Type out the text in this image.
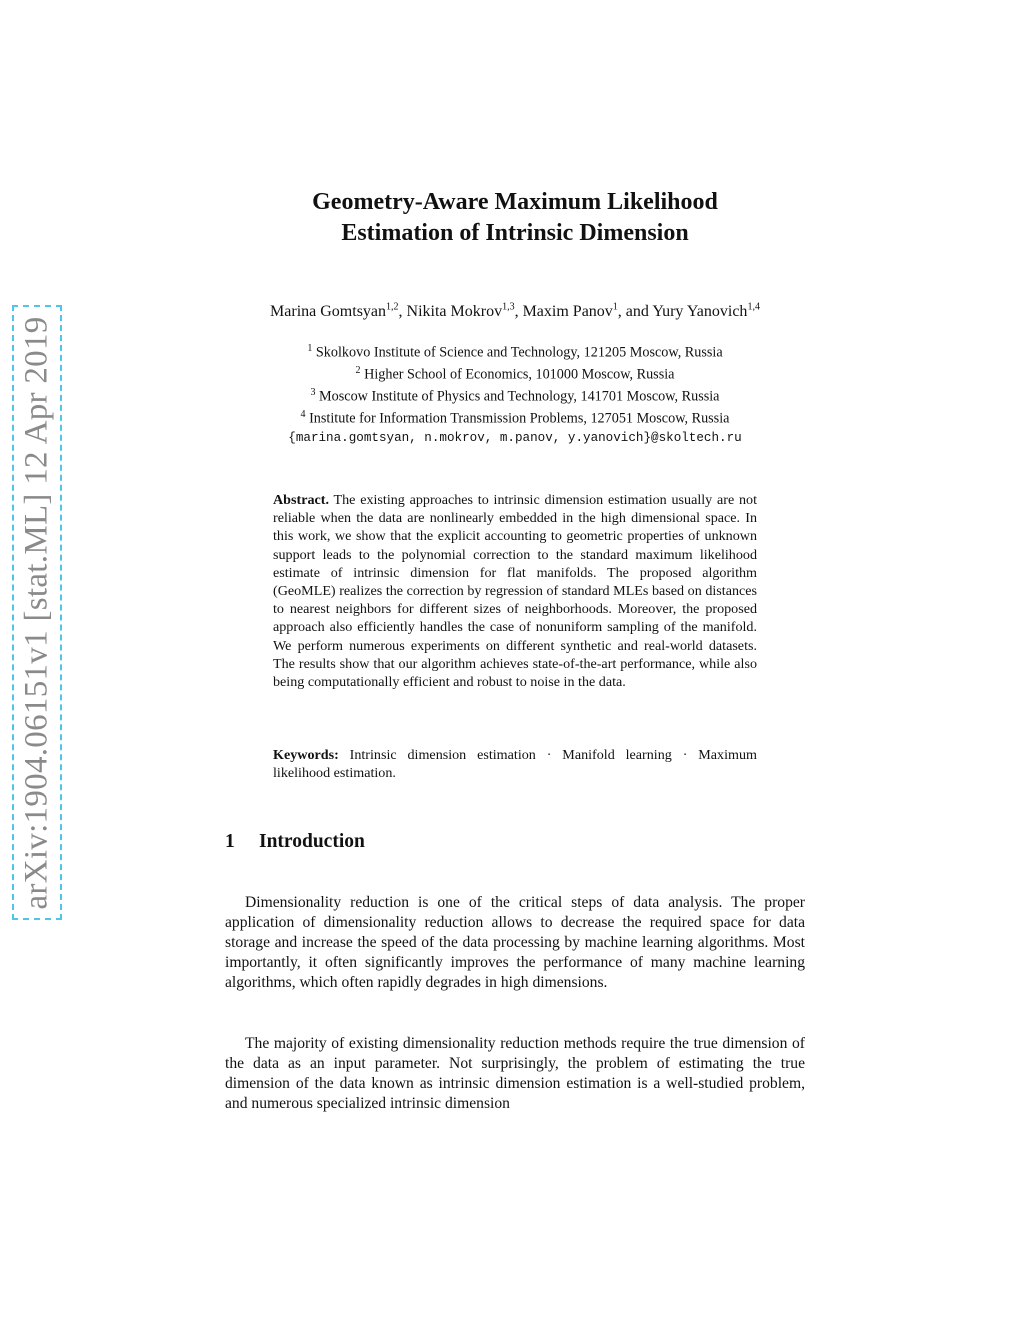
arXiv:1904.06151v1 [stat.ML] 12 Apr 2019
Geometry-Aware Maximum Likelihood
Estimation of Intrinsic Dimension
Marina Gomtsyan$^{1,2}$, Nikita Mokrov$^{1,3}$, Maxim Panov$^1$, and Yury Yanovich$^{1,4}$
$^1$ Skolkovo Institute of Science and Technology, 121205 Moscow, Russia
$^2$ Higher School of Economics, 101000 Moscow, Russia
$^3$ Moscow Institute of Physics and Technology, 141701 Moscow, Russia
$^4$ Institute for Information Transmission Problems, 127051 Moscow, Russia
{marina.gomtsyan, n.mokrov, m.panov, y.yanovich}@skoltech.ru
Abstract. The existing approaches to intrinsic dimension estimation usually are not reliable when the data are nonlinearly embedded in the high dimensional space. In this work, we show that the explicit accounting to geometric properties of unknown support leads to the polynomial correction to the standard maximum likelihood estimate of intrinsic dimension for flat manifolds. The proposed algorithm (GeoMLE) realizes the correction by regression of standard MLEs based on distances to nearest neighbors for different sizes of neighborhoods. Moreover, the proposed approach also efficiently handles the case of nonuniform sampling of the manifold. We perform numerous experiments on different synthetic and real-world datasets. The results show that our algorithm achieves state-of-the-art performance, while also being computationally efficient and robust to noise in the data.
Keywords: Intrinsic dimension estimation · Manifold learning · Maximum likelihood estimation.
1 Introduction

Dimensionality reduction is one of the critical steps of data analysis. The proper application of dimensionality reduction allows to decrease the required space for data storage and increase the speed of the data processing by machine learning algorithms. Most importantly, it often significantly improves the performance of many machine learning algorithms, which often rapidly degrades in high dimensions.

The majority of existing dimensionality reduction methods require the true dimension of the data as an input parameter. Not surprisingly, the problem of estimating the true dimension of the data known as intrinsic dimension estimation is a well-studied problem, and numerous specialized intrinsic dimension
